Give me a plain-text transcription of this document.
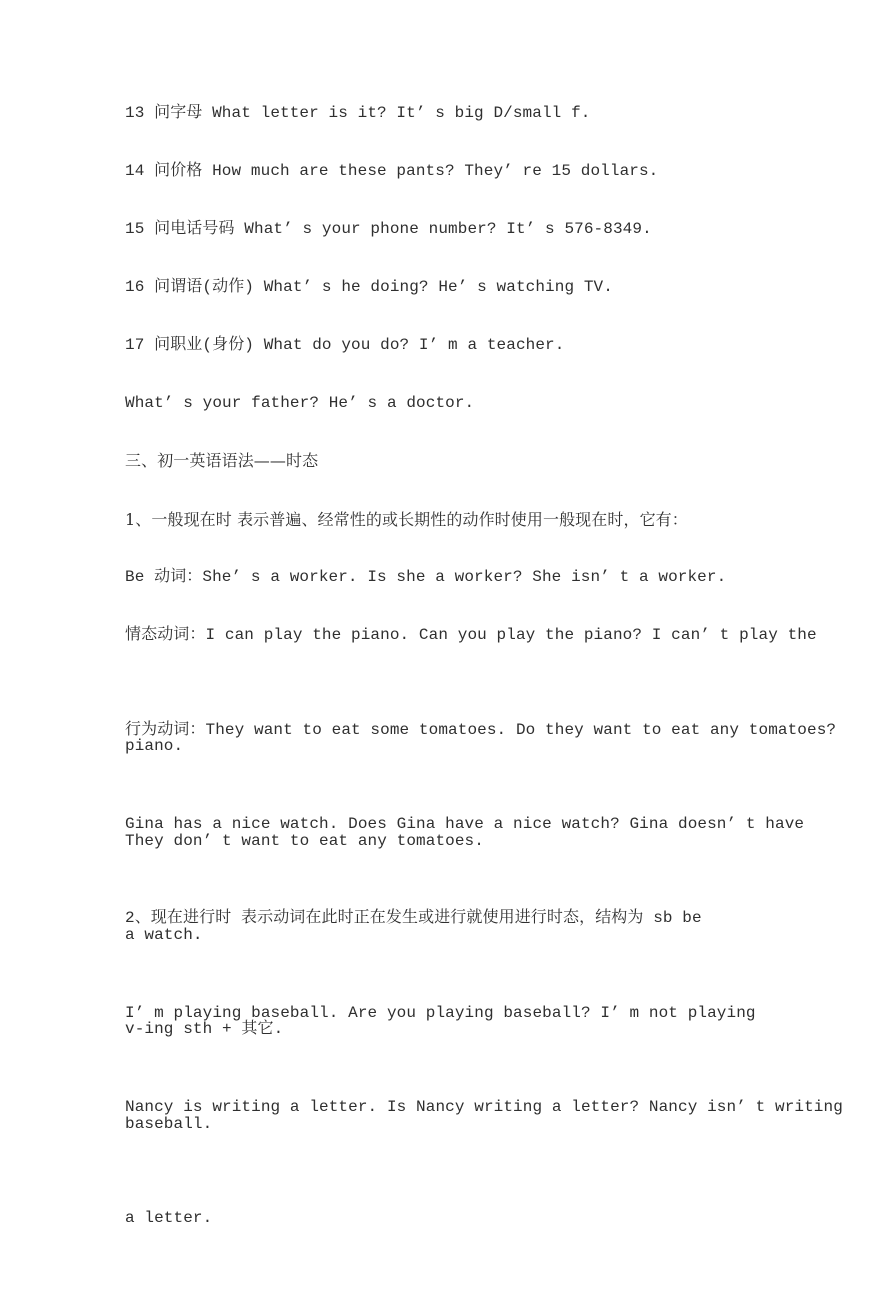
13 问字母 What letter is it? It’ s big D/small f.

14 问价格 How much are these pants? They’ re 15 dollars.

15 问电话号码 What’ s your phone number? It’ s 576-8349.

16 问谓语(动作) What’ s he doing? He’ s watching TV.

17 问职业(身份) What do you do? I’ m a teacher.

What’ s your father? He’ s a doctor.

三、初一英语语法——时态

1、一般现在时 表示普遍、经常性的或长期性的动作时使用一般现在时，它有：

Be 动词：She’ s a worker. Is she a worker? She isn’ t a worker.

情态动词：I can play the piano. Can you play the piano? I can’ t play the

piano.

行为动词：They want to eat some tomatoes. Do they want to eat any tomatoes?

They don’ t want to eat any tomatoes.

Gina has a nice watch. Does Gina have a nice watch? Gina doesn’ t have

a watch.

2、现在进行时 表示动词在此时正在发生或进行就使用进行时态，结构为 sb be

v-ing sth + 其它.

I’ m playing baseball. Are you playing baseball? I’ m not playing

baseball.

Nancy is writing a letter. Is Nancy writing a letter? Nancy isn’ t writing

a letter.
